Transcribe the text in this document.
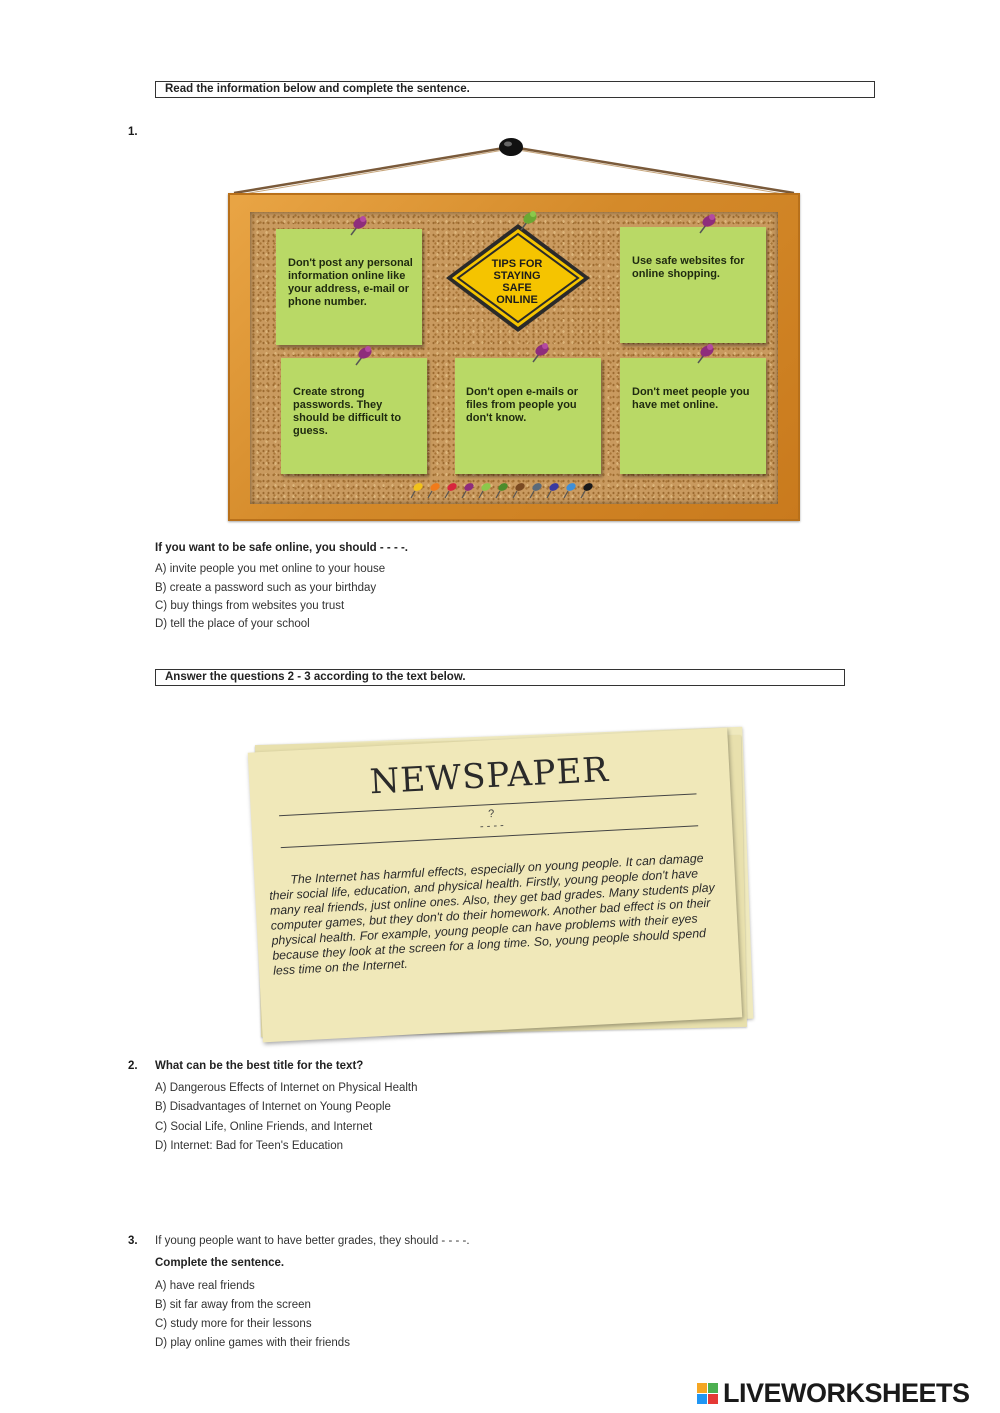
Read the information below and complete the sentence.
1.
Don't post any personal information online like your address, e-mail or phone number.
Use safe websites for online shopping.
Create strong passwords. They should be difficult to guess.
Don't open e-mails or files from people you don't know.
Don't meet people you have met online.
TIPS FOR STAYING SAFE ONLINE
If you want to be safe online, you should - - - -.
A) invite people you met online to your house
B) create a password such as your birthday
C) buy things from websites you trust
D) tell the place of your school
Answer the questions 2 - 3 according to the text below.
NEWSPAPER
?
- - - -

The Internet has harmful effects, especially on young people. It can damage their social life, education, and physical health. Firstly, young people don't have many real friends, just online ones. Also, they get bad grades. Many students play computer games, but they don't do their homework. Another bad effect is on their physical health. For example, young people can have problems with their eyes because they look at the screen for a long time. So, young people should spend less time on the Internet.

2. What can be the best title for the text?
A) Dangerous Effects of Internet on Physical Health
B) Disadvantages of Internet on Young People
C) Social Life, Online Friends, and Internet
D) Internet: Bad for Teen's Education
3. If young people want to have better grades, they should - - - -.
Complete the sentence.
A) have real friends
B) sit far away from the screen
C) study more for their lessons
D) play online games with their friends
LIVEWORKSHEETS
